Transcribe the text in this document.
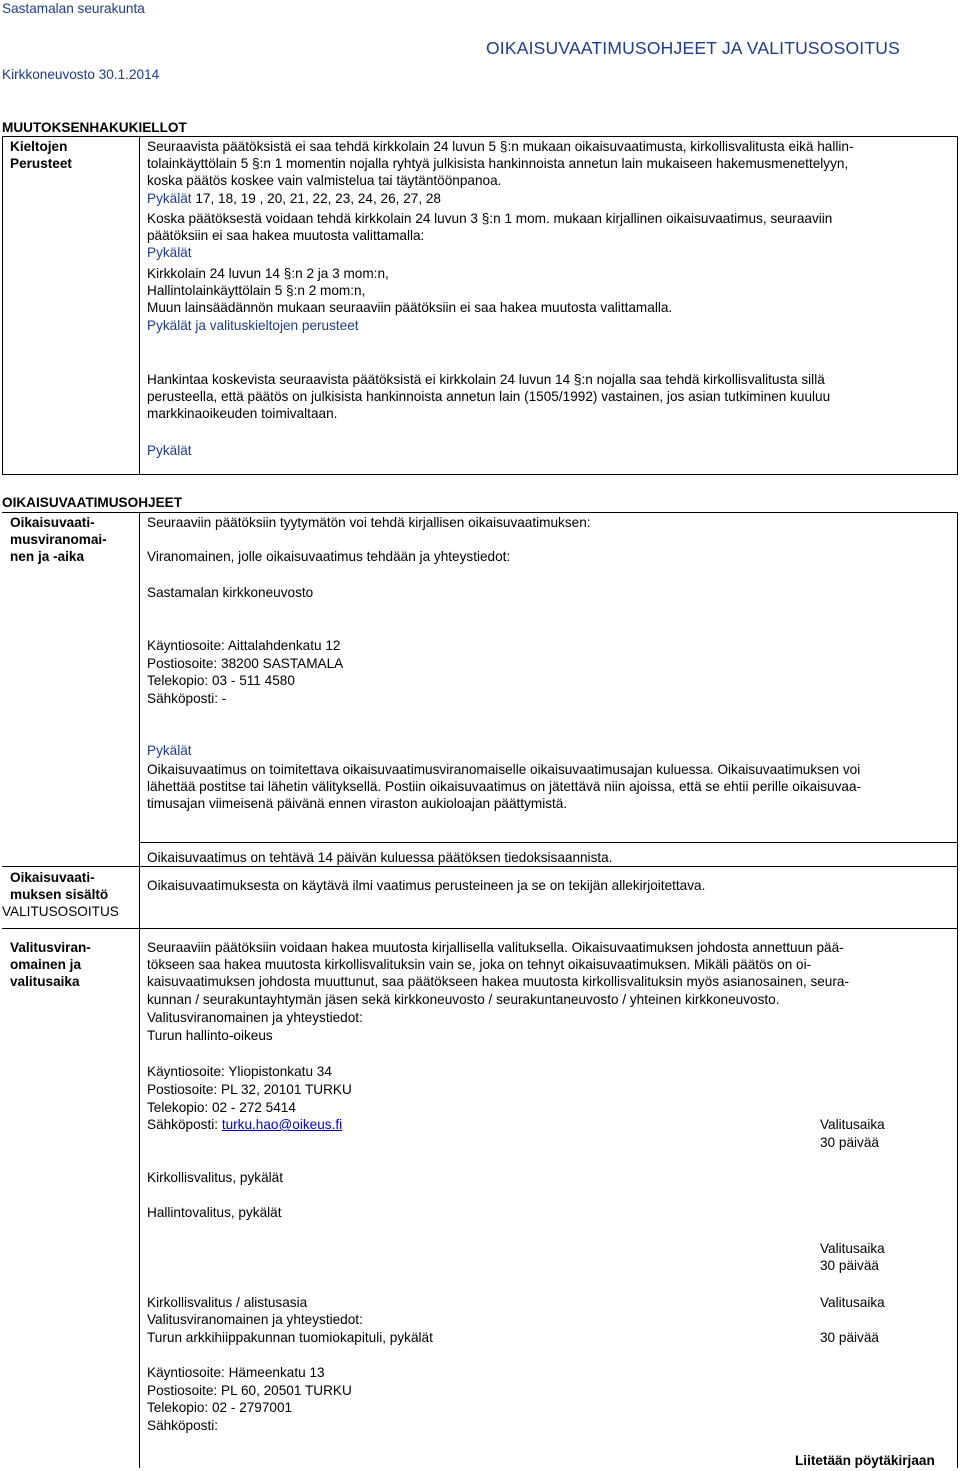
Sastamalan seurakunta
Kirkkoneuvosto 30.1.2014
OIKAISUVAATIMUSOHJEET JA VALITUSOSOITUS
MUUTOKSENHAKUKIELLOT
Kieltojen
Perusteet
Seuraavista päätöksistä ei saa tehdä kirkkolain 24 luvun 5 §:n mukaan oikaisuvaatimusta, kirkollisvalitusta eikä hallin-
tolainkäyttölain 5 §:n 1 momentin nojalla ryhtyä julkisista hankinnoista annetun lain mukaiseen hakemusmenettelyyn,
koska päätös koskee vain valmistelua tai täytäntöönpanoa.
Pykälät 17, 18, 19 , 20, 21, 22, 23, 24, 26, 27, 28
Koska päätöksestä voidaan tehdä kirkkolain 24 luvun 3 §:n 1 mom. mukaan kirjallinen oikaisuvaatimus, seuraaviin
päätöksiin ei saa hakea muutosta valittamalla:
Pykälät
Kirkkolain 24 luvun 14 §:n 2 ja 3 mom:n,
Hallintolainkäyttölain 5 §:n 2 mom:n,
Muun lainsäädännön mukaan seuraaviin päätöksiin ei saa hakea muutosta valittamalla.
Pykälät ja valituskieltojen perusteet
Hankintaa koskevista seuraavista päätöksistä ei kirkkolain 24 luvun 14 §:n nojalla saa tehdä kirkollisvalitusta sillä
perusteella, että päätös on julkisista hankinnoista annetun lain (1505/1992) vastainen, jos asian tutkiminen kuuluu
markkinaoikeuden toimivaltaan.
Pykälät
OIKAISUVAATIMUSOHJEET
Oikaisuvaati-
musviranomai-
nen ja -aika
Seuraaviin päätöksiin tyytymätön voi tehdä kirjallisen oikaisuvaatimuksen:
Viranomainen, jolle oikaisuvaatimus tehdään ja yhteystiedot:
Sastamalan kirkkoneuvosto
Käyntiosoite: Aittalahdenkatu 12
Postiosoite: 38200 SASTAMALA
Telekopio: 03 - 511 4580
Sähköposti: -
Pykälät
Oikaisuvaatimus on toimitettava oikaisuvaatimusviranomaiselle oikaisuvaatimusajan kuluessa. Oikaisuvaatimuksen voi
lähettää postitse tai lähetin välityksellä. Postiin oikaisuvaatimus on jätettävä niin ajoissa, että se ehtii perille oikaisuvaa-
timusajan viimeisenä päivänä ennen viraston aukioloajan päättymistä.
Oikaisuvaatimus on tehtävä 14 päivän kuluessa päätöksen tiedoksisaannista.
Oikaisuvaati-
muksen sisältö
Oikaisuvaatimuksesta on käytävä ilmi vaatimus perusteineen ja se on tekijän allekirjoitettava.
VALITUSOSOITUS
Valitusviran-
omainen ja
valitusaika
Seuraaviin päätöksiin voidaan hakea muutosta kirjallisella valituksella. Oikaisuvaatimuksen johdosta annettuun pää-
tökseen saa hakea muutosta kirkollisvalituksin vain se, joka on tehnyt oikaisuvaatimuksen. Mikäli päätös on oi-
kaisuvaatimuksen johdosta muuttunut, saa päätökseen hakea muutosta kirkollisvalituksin myös asianosainen, seura-
kunnan / seurakuntayhtymän jäsen sekä kirkkoneuvosto / seurakuntaneuvosto / yhteinen kirkkoneuvosto.
Valitusviranomainen ja yhteystiedot:
Turun hallinto-oikeus
Käyntiosoite: Yliopistonkatu 34
Postiosoite: PL 32, 20101 TURKU
Telekopio: 02 - 272 5414
Sähköposti: turku.hao@oikeus.fi	Valitusaika
30 päivää
Kirkollisvalitus, pykälät
Hallintovalitus, pykälät
Valitusaika
30 päivää
Kirkollisvalitus / alistusasia
Valitusviranomainen ja yhteystiedot:
Turun arkkihiippakunnan tuomiokapituli, pykälät
Valitusaika
30 päivää
Käyntiosoite: Hämeenkatu 13
Postiosoite: PL 60, 20501 TURKU
Telekopio: 02 - 2797001
Sähköposti:
Liitetään pöytäkirjaan
